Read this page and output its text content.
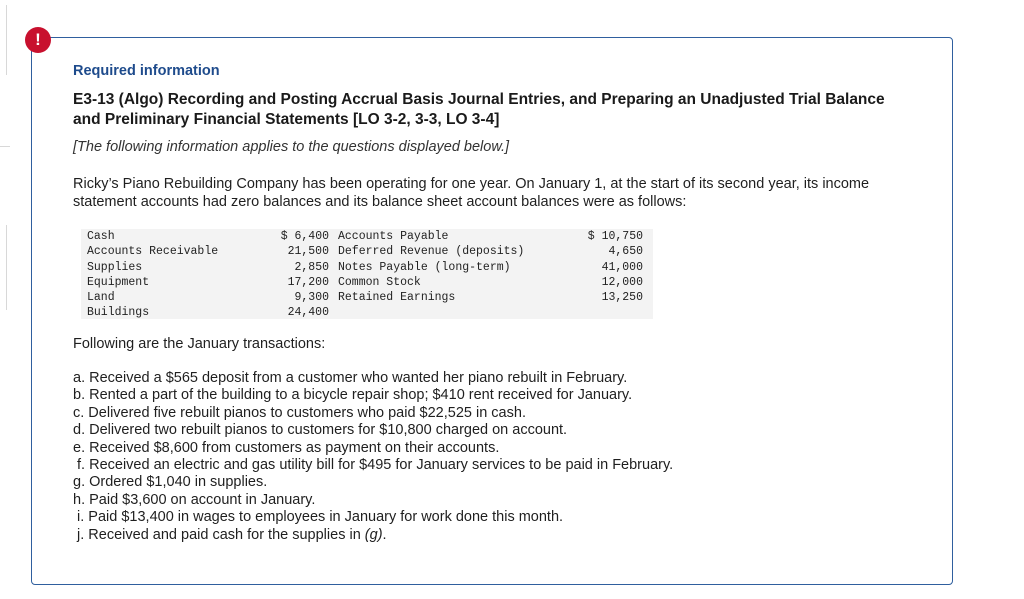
!
Required information
E3-13 (Algo) Recording and Posting Accrual Basis Journal Entries, and Preparing an Unadjusted Trial Balance and Preliminary Financial Statements [LO 3-2, 3-3, LO 3-4]
[The following information applies to the questions displayed below.]
Ricky’s Piano Rebuilding Company has been operating for one year. On January 1, at the start of its second year, its income statement accounts had zero balances and its balance sheet account balances were as follows:
Cash
Accounts Receivable
Supplies
Equipment
Land
Buildings
$ 6,400
21,500
2,850
17,200
9,300
24,400
Accounts Payable
Deferred Revenue (deposits)
Notes Payable (long-term)
Common Stock
Retained Earnings
$ 10,750
4,650
41,000
12,000
13,250
Following are the January transactions:
a. Received a $565 deposit from a customer who wanted her piano rebuilt in February.
b. Rented a part of the building to a bicycle repair shop; $410 rent received for January.
c. Delivered five rebuilt pianos to customers who paid $22,525 in cash.
d. Delivered two rebuilt pianos to customers for $10,800 charged on account.
e. Received $8,600 from customers as payment on their accounts.
f. Received an electric and gas utility bill for $495 for January services to be paid in February.
g. Ordered $1,040 in supplies.
h. Paid $3,600 on account in January.
i. Paid $13,400 in wages to employees in January for work done this month.
j. Received and paid cash for the supplies in (g).
